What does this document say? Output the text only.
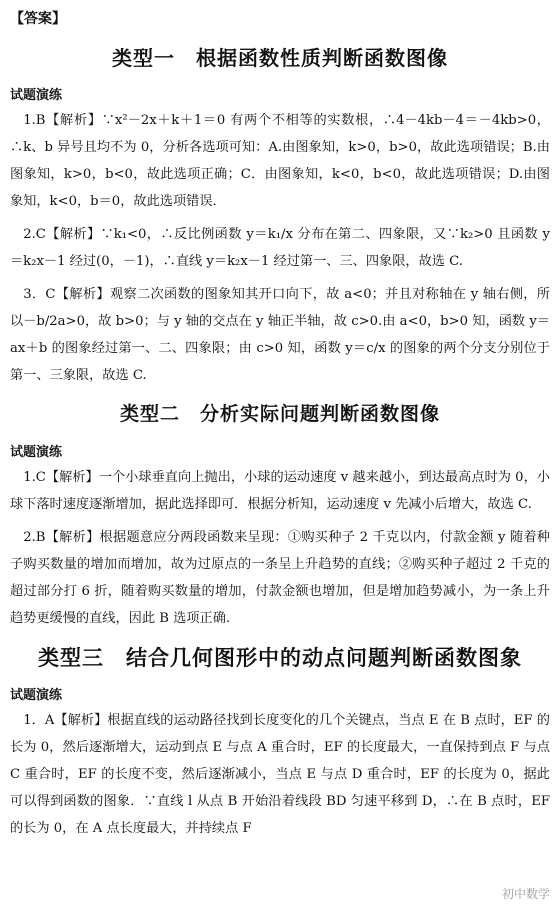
【答案】
类型一　根据函数性质判断函数图像
试题演练

1.B【解析】∵x²－2x＋k＋1＝0 有两个不相等的实数根，∴4－4kb－4＝－4kb>0，∴k、b 异号且均不为 0，分析各选项可知：A.由图象知，k>0，b>0，故此选项错误；B.由图象知，k>0，b<0，故此选项正确；C．由图象知，k<0，b<0，故此选项错误；D.由图象知，k<0，b＝0，故此选项错误．

2.C【解析】∵k₁<0，∴反比例函数 y＝k₁/x 分布在第二、四象限，又∵k₂>0 且函数 y＝k₂x－1 经过(0，－1)，∴直线 y＝k₂x－1 经过第一、三、四象限，故选 C.

3．C【解析】观察二次函数的图象知其开口向下，故 a<0；并且对称轴在 y 轴右侧，所以－b/2a>0，故 b>0；与 y 轴的交点在 y 轴正半轴，故 c>0.由 a<0，b>0 知，函数 y＝ax＋b 的图象经过第一、二、四象限；由 c>0 知，函数 y＝c/x 的图象的两个分支分别位于第一、三象限，故选 C.

类型二　分析实际问题判断函数图像
试题演练

1.C【解析】一个小球垂直向上抛出，小球的运动速度 v 越来越小，到达最高点时为 0，小球下落时速度逐渐增加，据此选择即可．根据分析知，运动速度 v 先减小后增大，故选 C.

2.B【解析】根据题意应分两段函数来呈现：①购买种子 2 千克以内，付款金额 y 随着种子购买数量的增加而增加，故为过原点的一条呈上升趋势的直线；②购买种子超过 2 千克的超过部分打 6 折，随着购买数量的增加，付款金额也增加，但是增加趋势减小，为一条上升趋势更缓慢的直线，因此 B 选项正确.

类型三　结合几何图形中的动点问题判断函数图象
试题演练

1．A【解析】根据直线的运动路径找到长度变化的几个关键点，当点 E 在 B 点时，EF 的长为 0，然后逐渐增大，运动到点 E 与点 A 重合时，EF 的长度最大，一直保持到点 F 与点 C 重合时，EF 的长度不变，然后逐渐减小，当点 E 与点 D 重合时，EF 的长度为 0，据此可以得到函数的图象．∵直线 l 从点 B 开始沿着线段 BD 匀速平移到 D，∴在 B 点时，EF 的长为 0，在 A 点长度最大，并持续点 F

初中数学
